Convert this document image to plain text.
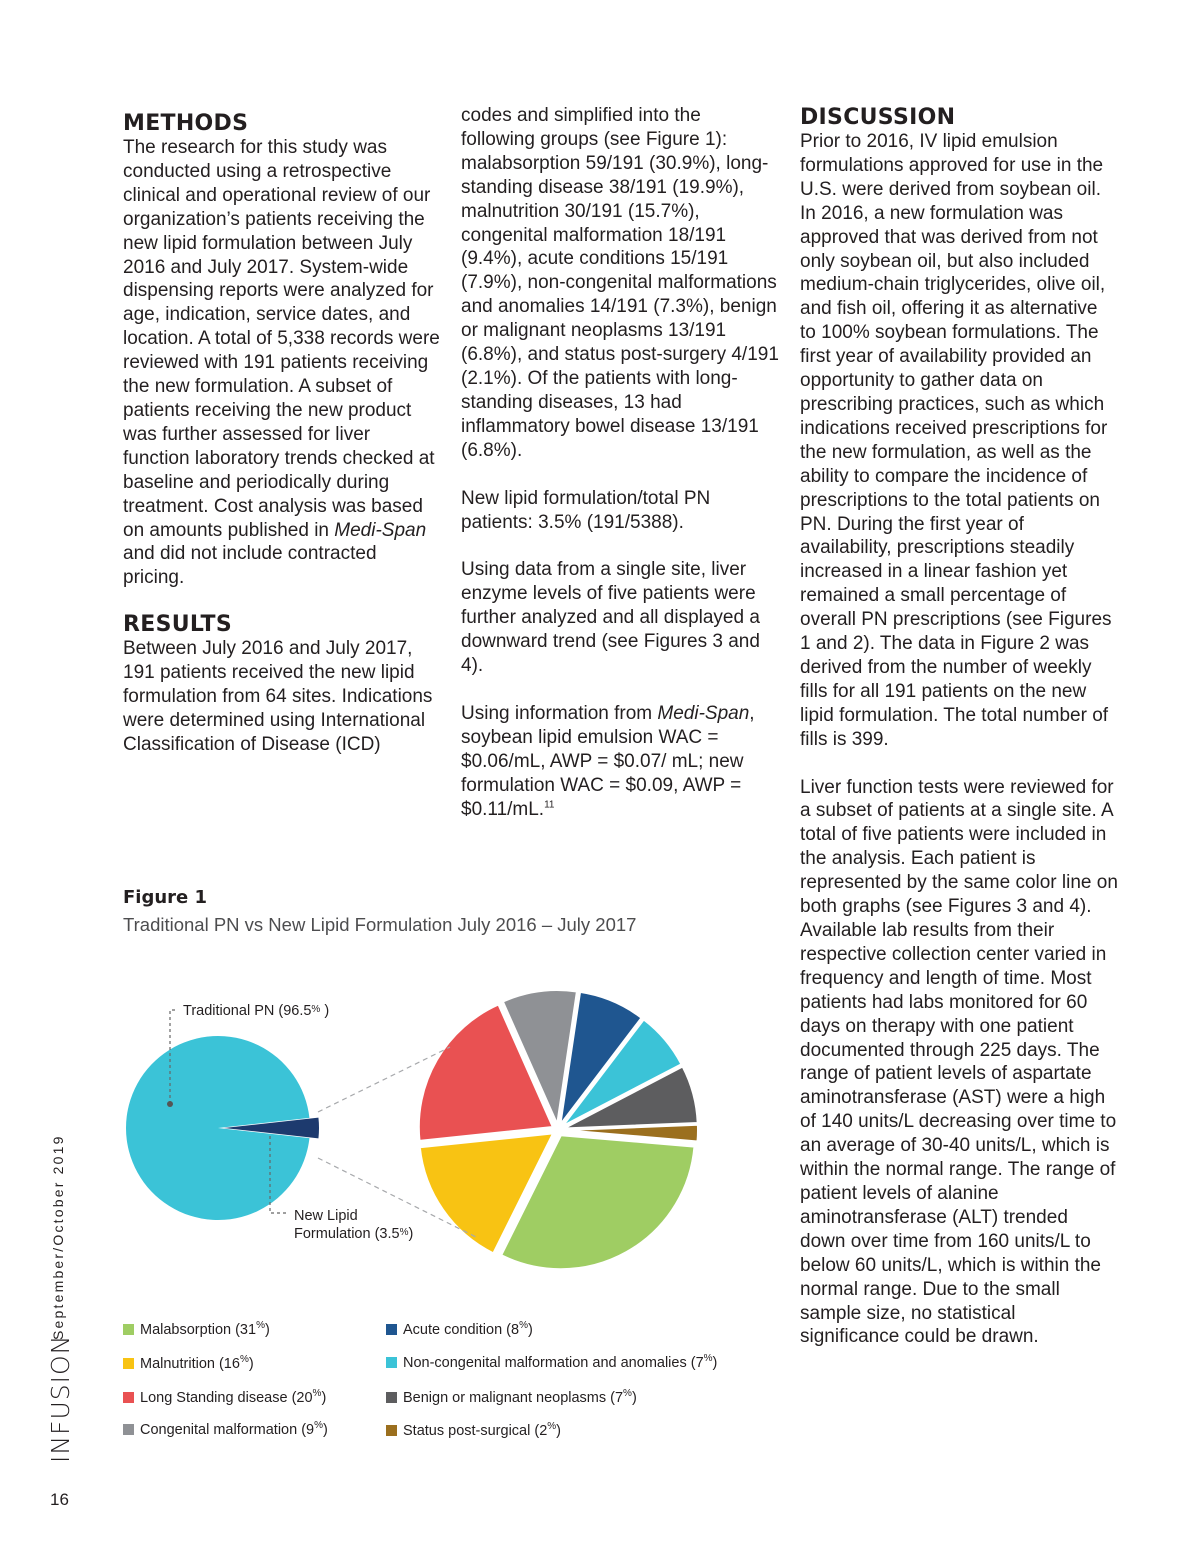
METHODS

The research for this study was conducted using a retrospective clinical and operational review of our organization’s patients receiving the new lipid formulation between July 2016 and July 2017. System-wide dispensing reports were analyzed for age, indication, service dates, and location. A total of 5,338 records were reviewed with 191 patients receiving the new formulation. A subset of patients receiving the new product was further assessed for liver function laboratory trends checked at baseline and periodically during treatment. Cost analysis was based on amounts published in Medi-Span and did not include contracted pricing.

RESULTS

Between July 2016 and July 2017, 191 patients received the new lipid formulation from 64 sites. Indications were determined using International Classification of Disease (ICD)

codes and simplified into the following groups (see Figure 1): malabsorption 59/191 (30.9%), long-standing disease 38/191 (19.9%), malnutrition 30/191 (15.7%), congenital malformation 18/191 (9.4%), acute conditions 15/191 (7.9%), non-congenital malformations and anomalies 14/191 (7.3%), benign or malignant neoplasms 13/191 (6.8%), and status post-surgery 4/191 (2.1%). Of the patients with long-standing diseases, 13 had inflammatory bowel disease 13/191 (6.8%).

New lipid formulation/total PN patients: 3.5% (191/5388).

Using data from a single site, liver enzyme levels of five patients were further analyzed and all displayed a downward trend (see Figures 3 and 4).

Using information from Medi-Span, soybean lipid emulsion WAC = $0.06/mL, AWP = $0.07/ mL; new formulation WAC = $0.09, AWP = $0.11/mL.$^{11}$

DISCUSSION

Prior to 2016, IV lipid emulsion formulations approved for use in the U.S. were derived from soybean oil. In 2016, a new formulation was approved that was derived from not only soybean oil, but also included medium-chain triglycerides, olive oil, and fish oil, offering it as alternative to 100% soybean formulations. The first year of availability provided an opportunity to gather data on prescribing practices, such as which indications received prescriptions for the new formulation, as well as the ability to compare the incidence of prescriptions to the total patients on PN. During the first year of availability, prescriptions steadily increased in a linear fashion yet remained a small percentage of overall PN prescriptions (see Figures 1 and 2). The data in Figure 2 was derived from the number of weekly fills for all 191 patients on the new lipid formulation. The total number of fills is 399.

Liver function tests were reviewed for a subset of patients at a single site. A total of five patients were included in the analysis. Each patient is represented by the same color line on both graphs (see Figures 3 and 4). Available lab results from their respective collection center varied in frequency and length of time. Most patients had labs monitored for 60 days on therapy with one patient documented through 225 days. The range of patient levels of aspartate aminotransferase (AST) were a high of 140 units/L decreasing over time to an average of 30-40 units/L, which is within the normal range. The range of patient levels of alanine aminotransferase (ALT) trended down over time from 160 units/L to below 60 units/L, which is within the normal range. Due to the small sample size, no statistical significance could be drawn.

Figure 1
Traditional PN vs New Lipid Formulation July 2016 – July 2017
Traditional PN (96.5% )
New Lipid
Formulation (3.5%)
Malabsorption (31%)
Malnutrition (16%)
Long Standing disease (20%)
Congenital malformation (9%)
Acute condition (8%)
Non-congenital malformation and anomalies (7%)
Benign or malignant neoplasms (7%)
Status post-surgical (2%)
September/October 2019
INFUSION
16
